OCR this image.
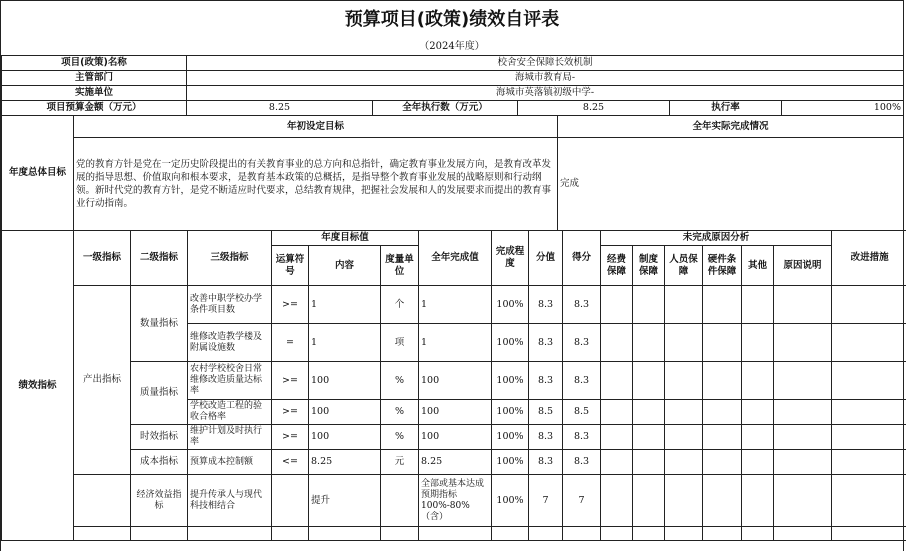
预算项目(政策)绩效自评表
（2024年度）
项目(政策)名称	校舍安全保障长效机制
主管部门	海城市教育局-
实施单位	海城市英落镇初级中学-
项目预算金额（万元）	8.25	全年执行数（万元）	8.25	执行率	100%
年度总体目标	年初设定目标	全年实际完成情况
	党的教育方针是党在一定历史阶段提出的有关教育事业的总方向和总指针，确定教育事业发展方向，是教育改革发展的指导思想、价值取向和根本要求，是教育基本政策的总概括，是指导整个教育事业发展的战略原则和行动纲领。新时代党的教育方针，是党不断适应时代要求，总结教育规律，把握社会发展和人的发展要求而提出的教育事业行动指南。	完成
绩效指标	一级指标	二级指标	三级指标	年度目标值			全年完成值	完成程度	分值	得分	未完成原因分析						改进措施
				运算符号	内容	度量单位					经费保障	制度保障	人员保障	硬件条件保障	其他	原因说明	
	产出指标	数量指标	改善中职学校办学条件项目数	>=	1	个	1	100%	8.3	8.3							
			维修改造教学楼及附属设施数	=	1	项	1	100%	8.3	8.3							
		质量指标	农村学校校舍日常维修改造质量达标率	>=	100	%	100	100%	8.3	8.3							
			学校改造工程的验收合格率	>=	100	%	100	100%	8.5	8.5							
		时效指标	维护计划及时执行率	>=	100	%	100	100%	8.3	8.3							
		成本指标	预算成本控制额	<=	8.25	元	8.25	100%	8.3	8.3							
		经济效益指标	提升传承人与现代科技相结合		提升		全部或基本达成预期指标100%-80%（含）	100%	7	7							
